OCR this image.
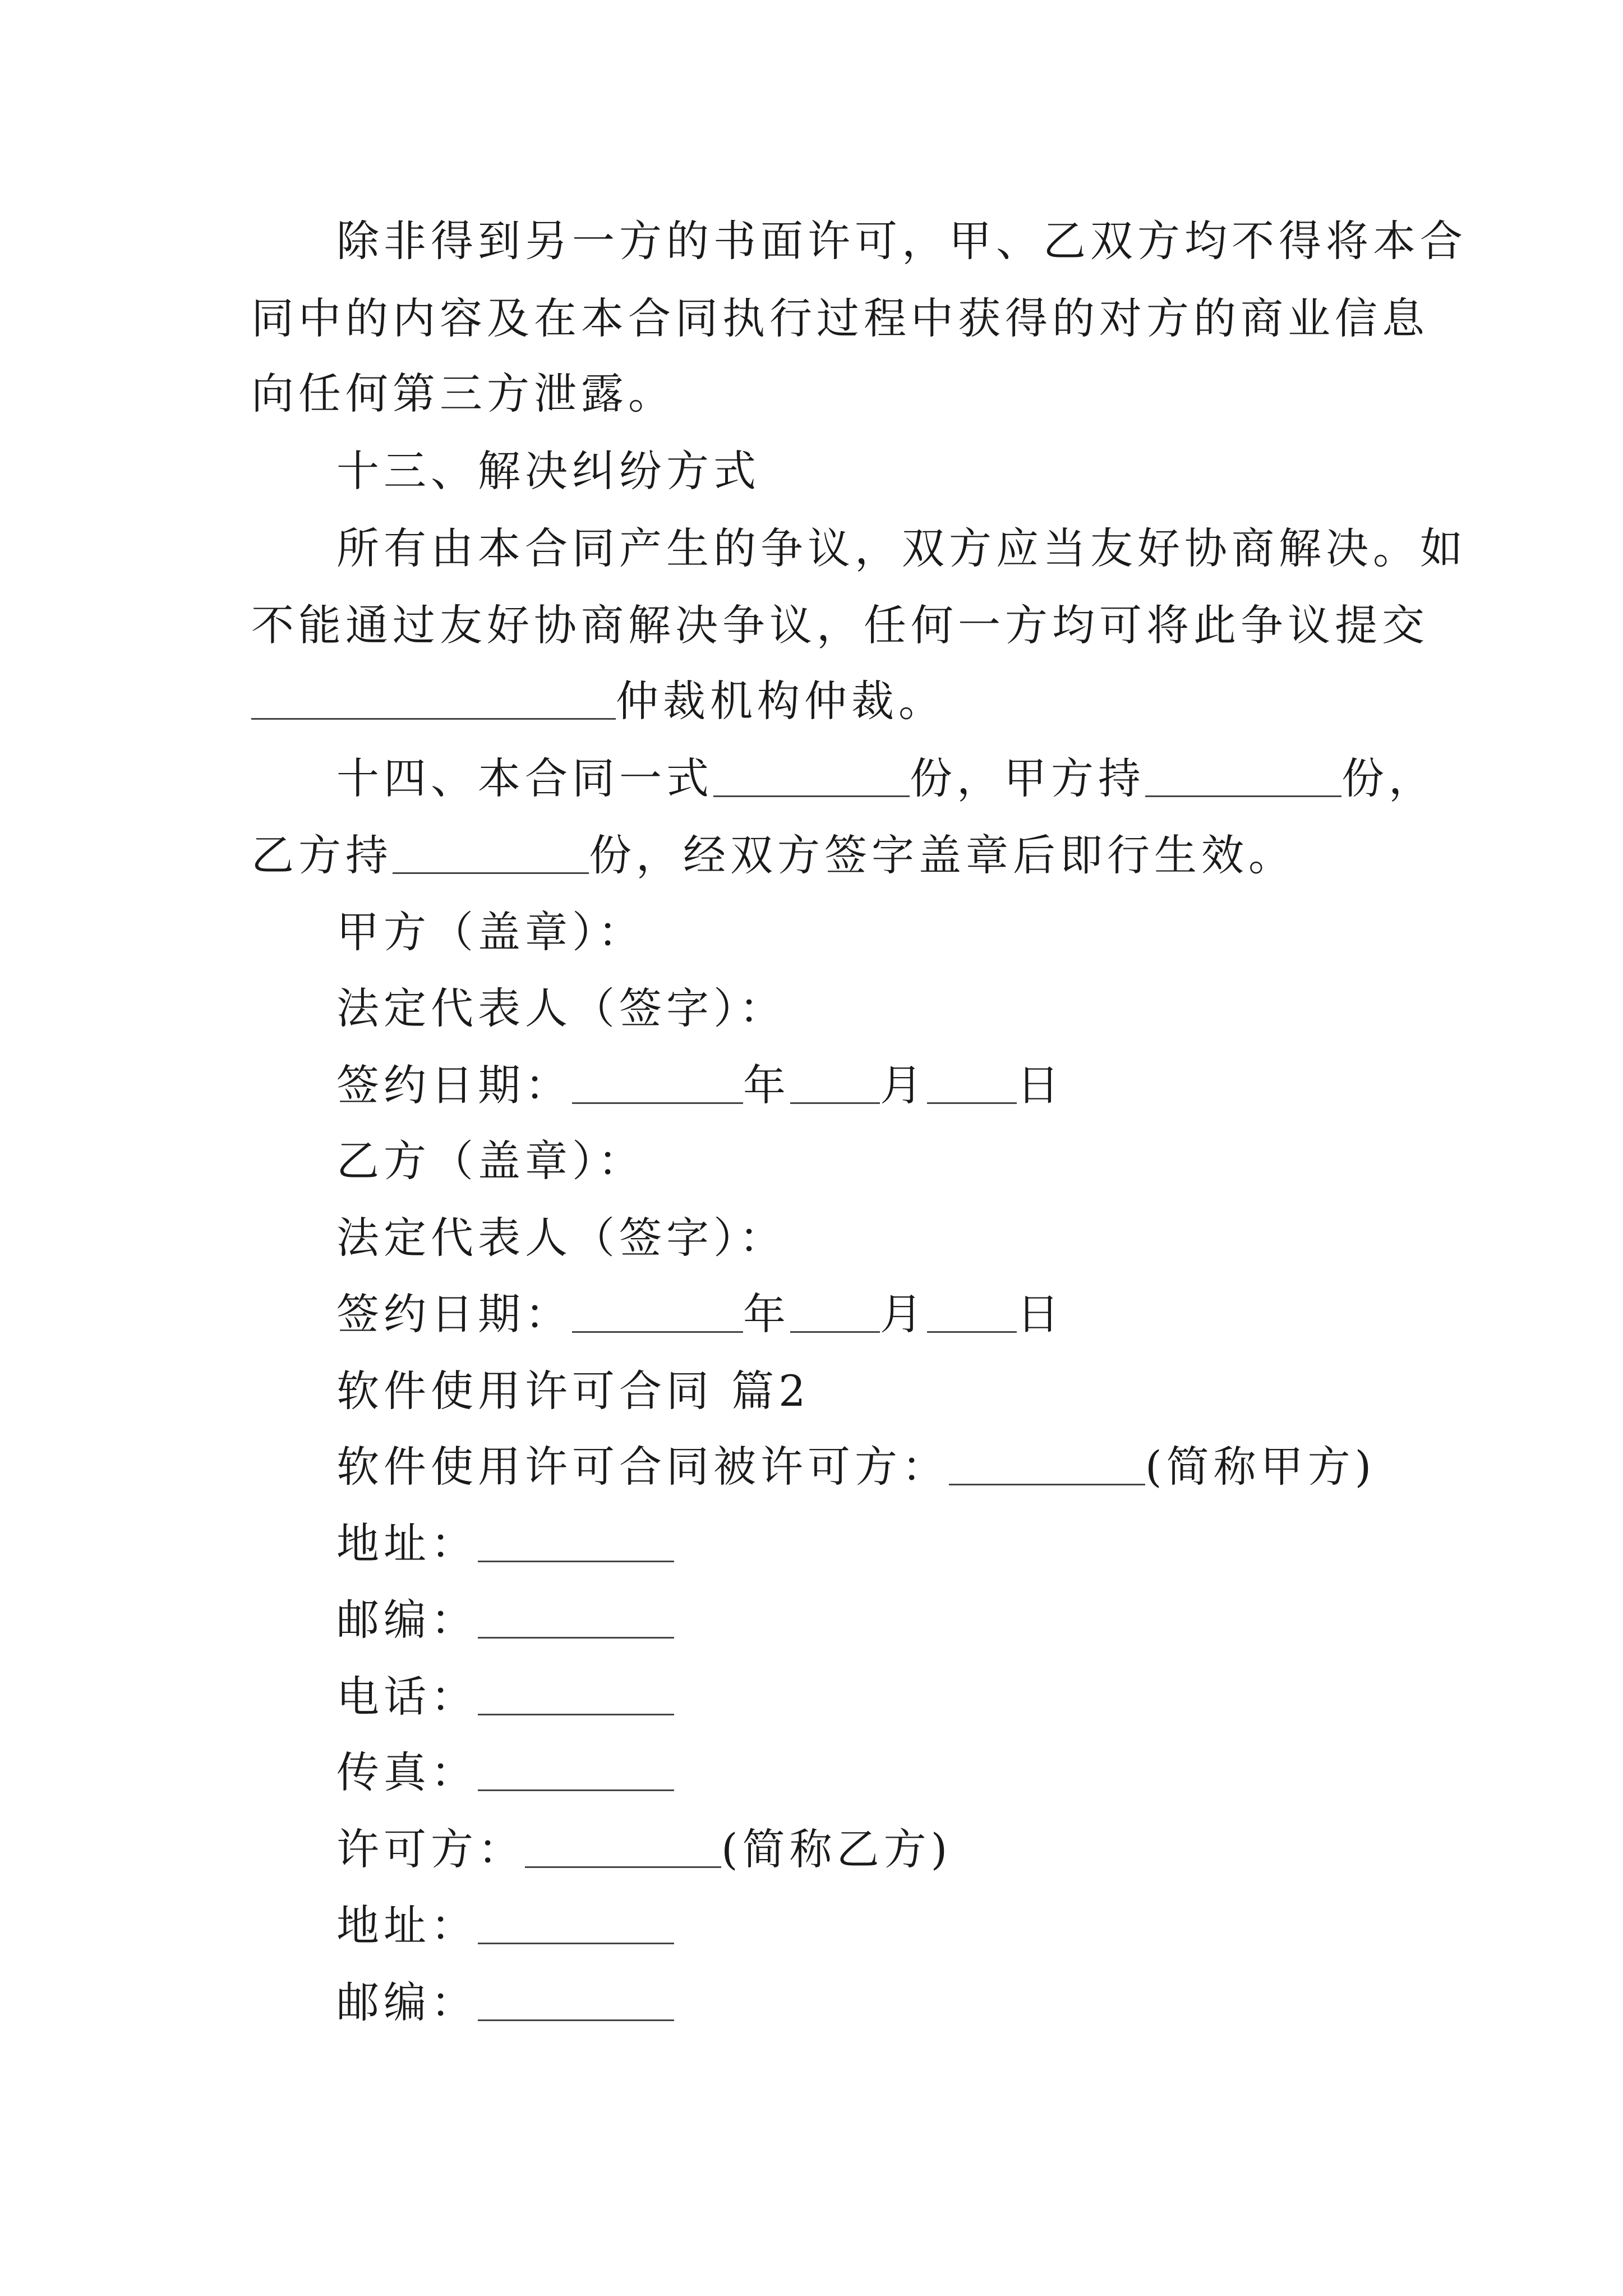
除非得到另一方的书面许可，甲、乙双方均不得将本合
同中的内容及在本合同执行过程中获得的对方的商业信息
向任何第三方泄露。
十三、解决纠纷方式
所有由本合同产生的争议，双方应当友好协商解决。如
不能通过友好协商解决争议，任何一方均可将此争议提交
仲裁机构仲裁。
十四、本合同一式	份，甲方持	份，
乙方持	份，经双方签字盖章后即行生效。
甲方（盖章）：
法定代表人（签字）：
签约日期：	年 月 日
乙方（盖章）：
法定代表人（签字）：
签约日期：	年 月 日
软件使用许可合同 篇2
软件使用许可合同被许可方：	(简称甲方)
地址：
邮编：
电话：
传真：
许可方：	(简称乙方)
地址：
邮编：
